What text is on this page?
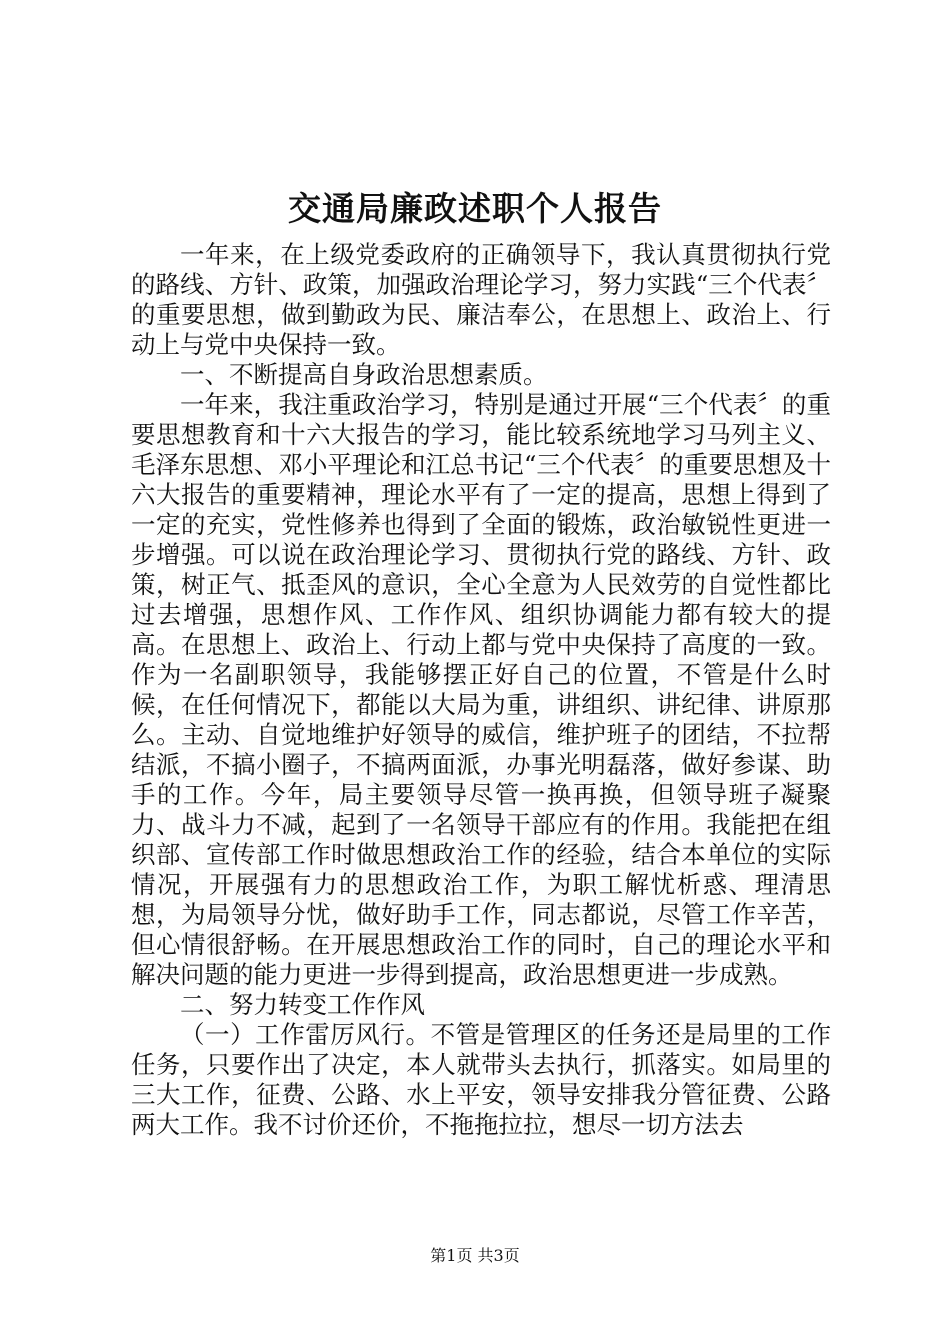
交通局廉政述职个人报告

一年来，在上级党委政府的正确领导下，我认真贯彻执行党的路线、方针、政策，加强政治理论学习，努力实践“三个代表〞的重要思想，做到勤政为民、廉洁奉公，在思想上、政治上、行动上与党中央保持一致。

一、不断提高自身政治思想素质。

一年来，我注重政治学习，特别是通过开展“三个代表〞的重要思想教育和十六大报告的学习，能比较系统地学习马列主义、毛泽东思想、邓小平理论和江总书记“三个代表〞的重要思想及十六大报告的重要精神，理论水平有了一定的提高，思想上得到了一定的充实，党性修养也得到了全面的锻炼，政治敏锐性更进一步增强。可以说在政治理论学习、贯彻执行党的路线、方针、政策，树正气、抵歪风的意识，全心全意为人民效劳的自觉性都比过去增强，思想作风、工作作风、组织协调能力都有较大的提高。在思想上、政治上、行动上都与党中央保持了高度的一致。作为一名副职领导，我能够摆正好自己的位置，不管是什么时候，在任何情况下，都能以大局为重，讲组织、讲纪律、讲原那么。主动、自觉地维护好领导的威信，维护班子的团结，不拉帮结派，不搞小圈子，不搞两面派，办事光明磊落，做好参谋、助手的工作。今年，局主要领导尽管一换再换，但领导班子凝聚力、战斗力不减，起到了一名领导干部应有的作用。我能把在组织部、宣传部工作时做思想政治工作的经验，结合本单位的实际情况，开展强有力的思想政治工作，为职工解忧析惑、理清思想，为局领导分忧，做好助手工作，同志都说，尽管工作辛苦，但心情很舒畅。在开展思想政治工作的同时，自己的理论水平和解决问题的能力更进一步得到提高，政治思想更进一步成熟。

二、努力转变工作作风

（一）工作雷厉风行。不管是管理区的任务还是局里的工作任务，只要作出了决定，本人就带头去执行，抓落实。如局里的三大工作，征费、公路、水上平安，领导安排我分管征费、公路两大工作。我不讨价还价，不拖拖拉拉，想尽一切方法去

第1页 共3页
